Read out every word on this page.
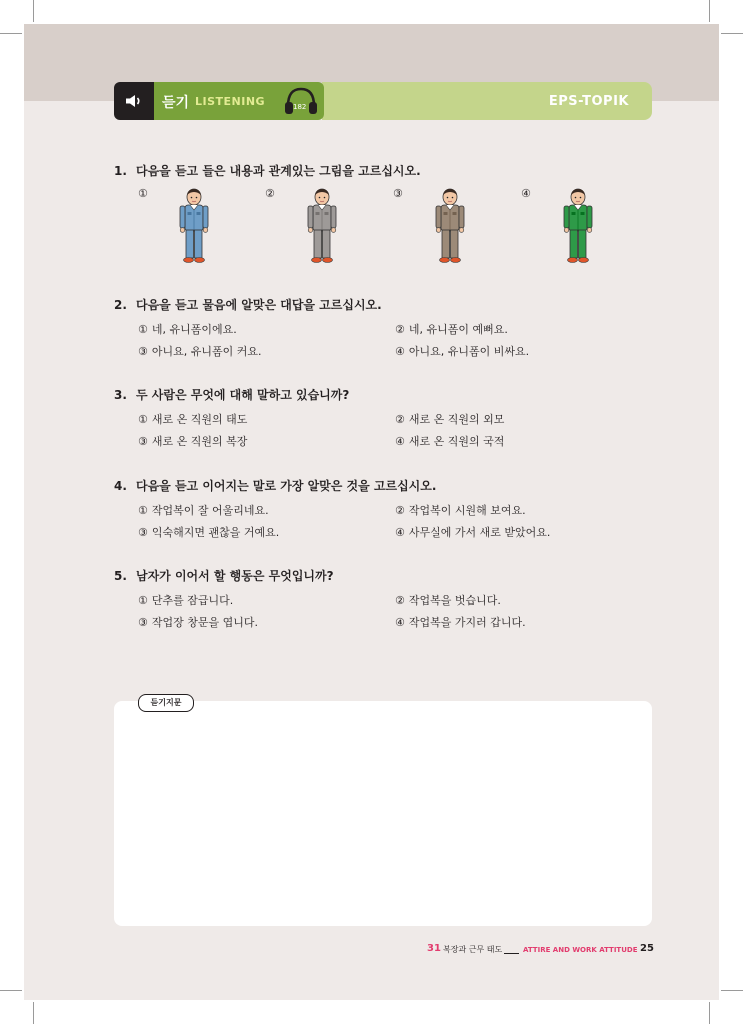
듣기 LISTENING	182	EPS-TOPIK
1. 다음을 듣고 들은 내용과 관계있는 그림을 고르십시오.
①	②	③	④
2. 다음을 듣고 물음에 알맞은 대답을 고르십시오.
① 네, 유니폼이에요.	② 네, 유니폼이 예뻐요.
③ 아니요, 유니폼이 커요.	④ 아니요, 유니폼이 비싸요.
3. 두 사람은 무엇에 대해 말하고 있습니까?
① 새로 온 직원의 태도	② 새로 온 직원의 외모
③ 새로 온 직원의 복장	④ 새로 온 직원의 국적
4. 다음을 듣고 이어지는 말로 가장 알맞은 것을 고르십시오.
① 작업복이 잘 어울리네요.	② 작업복이 시원해 보여요.
③ 익숙해지면 괜찮을 거예요.	④ 사무실에 가서 새로 받았어요.
5. 남자가 이어서 할 행동은 무엇입니까?
① 단추를 잠급니다.	② 작업복을 벗습니다.
③ 작업장 창문을 엽니다.	④ 작업복을 가지러 갑니다.
듣기지문
31 복장과 근무 태도	ATTIRE AND WORK ATTITUDE 25
